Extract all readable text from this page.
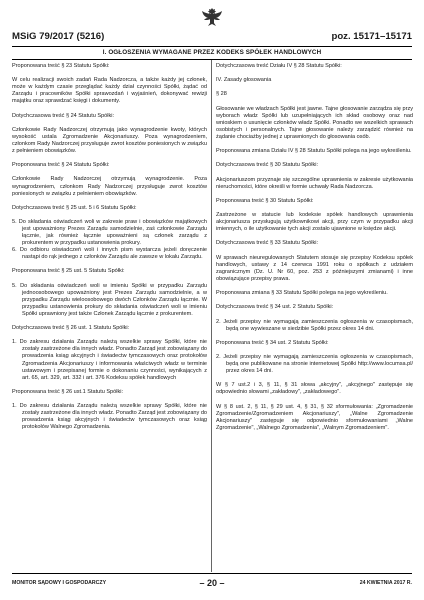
MSiG 79/2017 (5216)	poz. 15171–15171
I. OGŁOSZENIA WYMAGANE PRZEZ KODEKS SPÓŁEK HANDLOWYCH

Proponowana treść § 23 Statutu Spółki:

W celu realizacji swoich zadań Rada Nadzorcza, a także każdy jej członek, może w każdym czasie przeglądać każdy dział czynności Spółki, żądać od Zarządu i pracowników Spółki sprawozdań i wyjaśnień, dokonywać rewizji majątku oraz sprawdzać księgi i dokumenty.

Dotychczasowa treść § 24 Statutu Spółki:

Członkowie Rady Nadzorczej otrzymują jako wynagrodzenie kwoty, których wysokość ustala Zgromadzenie Akcjonariuszy. Poza wynagrodzeniem, członkom Rady Nadzorczej przysługuje zwrot kosztów poniesionych w związku z pełnieniem obowiązków.

Proponowana treść § 24 Statutu Spółki:

Członkowie Rady Nadzorczej otrzymują wynagrodzenie. Poza wynagrodzeniem, członkom Rady Nadzorczej przysługuje zwrot kosztów poniesionych w związku z pełnieniem obowiązków.

Dotychczasowa treść § 25 ust. 5 i 6 Statutu Spółki:

5. Do składania oświadczeń woli w zakresie praw i obowiązków majątkowych jest upoważniony Prezes Zarządu samodzielnie, zaś członkowie Zarządu łącznie, jak również łącznie upoważnieni są członek zarządu z prokurentem w przypadku ustanowienia prokury.

6. Do odbioru oświadczeń woli i innych pism wystarcza jeżeli doręczenie nastąpi do rąk jednego z członków Zarządu ale zawsze w lokalu Zarządu.

Proponowana treść § 25 ust. 5 Statutu Spółki:

5. Do składania oświadczeń woli w imieniu Spółki w przypadku Zarządu jednoosobowego upoważniony jest Prezes Zarządu samodzielnie, a w przypadku Zarządu wieloosobowego dwóch Członków Zarządu łącznie. W przypadku ustanowienia prokury do składania oświadczeń woli w imieniu Spółki uprawniony jest także Członek Zarządu łącznie z prokurentem.

Dotychczasowa treść § 26 ust. 1 Statutu Spółki:

1. Do zakresu działania Zarządu należą wszelkie sprawy Spółki, które nie zostały zastrzeżone dla innych władz. Ponadto Zarząd jest zobowiązany do prowadzenia ksiąg akcyjnych i świadectw tymczasowych oraz protokołów Zgromadzenia Akcjonariuszy i informowania właściwych władz w terminie ustawowym i przepisanej formie o dokonaniu czynności, wynikających z art. 65, art. 329, art. 332 i art. 376 Kodeksu spółek handlowych

Proponowana treść § 26 ust.1 Statutu Spółki:

1. Do zakresu działania Zarządu należą wszelkie sprawy Spółki, które nie zostały zastrzeżone dla innych władz. Ponadto Zarząd jest zobowiązany do prowadzenia ksiąg akcyjnych i świadectw tymczasowych oraz ksiąg protokołów Walnego Zgromadzenia.

Dotychczasowa treść Działu IV § 28 Statutu Spółki:

IV. Zasady głosowania

§ 28

Głosowanie we władzach Spółki jest jawne. Tajne głosowanie zarządza się przy wyborach władz Spółki lub uzupełniających ich skład osobowy oraz nad wnioskiem o usunięcie członków władz Spółki. Ponadto we wszelkich sprawach osobistych i personalnych. Tajne głosowanie należy zarządzić również na żądanie chociażby jednej z uprawnionych do głosowania osób.

Proponowana zmiana Działu IV § 28 Statutu Spółki polega na jego wykreśleniu.

Dotychczasowa treść § 30 Statutu Spółki:

Akcjonariuszom przyznaje się szczególne uprawnienia w zakresie użytkowania nieruchomości, które określi w formie uchwały Rada Nadzorcza.

Proponowana treść § 30 Statutu Spółki:

Zastrzeżone w statucie lub kodeksie spółek handlowych uprawnienia akcjonariusza przysługują użytkownikowi akcji, przy czym w przypadku akcji imiennych, o ile użytkowanie tych akcji zostało ujawnione w księdze akcji.

Dotychczasowa treść § 33 Statutu Spółki:

W sprawach nieuregulowanych Statutem stosuje się przepisy Kodeksu spółek handlowych, ustawy z 14 czerwca 1991 roku o spółkach z udziałem zagranicznym (Dz. U. Nr 60, poz. 253 z późniejszymi zmianami) i inne obowiązujące przepisy prawa.

Proponowana zmiana § 33 Statutu Spółki polega na jego wykreśleniu.

Dotychczasowa treść § 34 ust. 2 Statutu Spółki:

2. Jeżeli przepisy nie wymagają zamieszczenia ogłoszenia w czasopismach, będą one wywieszane w siedzibie Spółki przez okres 14 dni.

Proponowana treść § 34 ust. 2 Statutu Spółki:

2. Jeżeli przepisy nie wymagają zamieszczenia ogłoszenia w czasopismach, będą one publikowane na stronie internetowej Spółki http://www.locumsa.pl/ przez okres 14 dni.

W § 7 ust.2 i 3, § 11, § 31 słowa „akcyjny", „akcyjnego" zastępuje się odpowiednio słowami „zakładowy", „zakładowego".

W § 8 ust. 2, § 11, § 29 ust. 4, § 31, § 32 sformułowania: „Zgromadzenie Zgromadzenie/Zgromadzeniem Akcjonariuszy", „Walne Zgromadzenie Akcjonariuszy" zastępuje się odpowiednio sformułowaniami „Walne Zgromadzenie", „Walnego Zgromadzenia", „Walnym Zgromadzeniem".

MONITOR SĄDOWY I GOSPODARCZY	– 20 –	24 KWIETNIA 2017 R.
